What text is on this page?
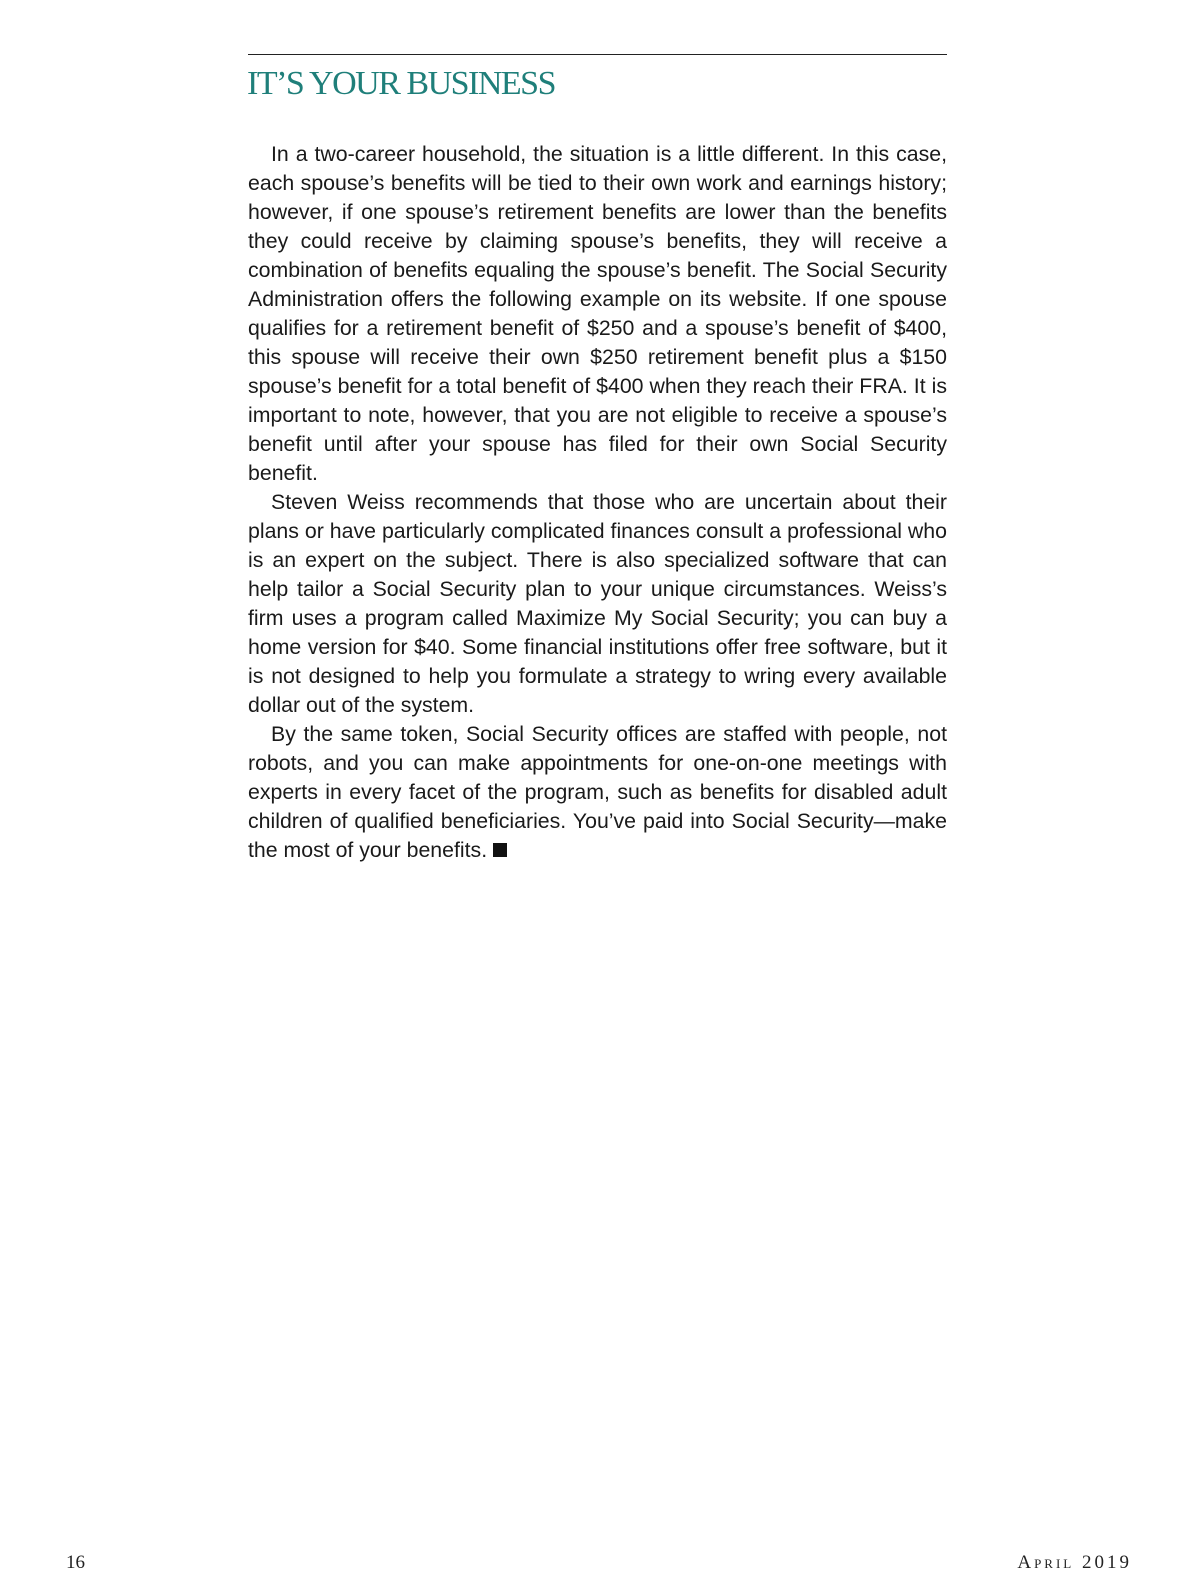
IT’S YOUR BUSINESS

In a two-career household, the situation is a little different. In this case, each spouse’s benefits will be tied to their own work and earnings history; however, if one spouse’s retirement benefits are lower than the benefits they could receive by claiming spouse’s benefits, they will receive a combination of benefits equaling the spouse’s benefit. The Social Security Administration offers the following example on its website. If one spouse qualifies for a retirement benefit of $250 and a spouse’s benefit of $400, this spouse will receive their own $250 retirement benefit plus a $150 spouse’s benefit for a total benefit of $400 when they reach their FRA. It is important to note, however, that you are not eligible to receive a spouse’s benefit until after your spouse has filed for their own Social Security benefit.

Steven Weiss recommends that those who are uncertain about their plans or have particularly complicated finances consult a professional who is an expert on the subject. There is also specialized software that can help tailor a Social Security plan to your unique circumstances. Weiss’s firm uses a program called Maximize My Social Security; you can buy a home version for $40. Some financial institutions offer free software, but it is not designed to help you formulate a strategy to wring every available dollar out of the system.

By the same token, Social Security offices are staffed with people, not robots, and you can make appointments for one-on-one meetings with experts in every facet of the program, such as benefits for disabled adult children of qualified beneficiaries. You’ve paid into Social Security—make the most of your benefits.

16	April 2019
